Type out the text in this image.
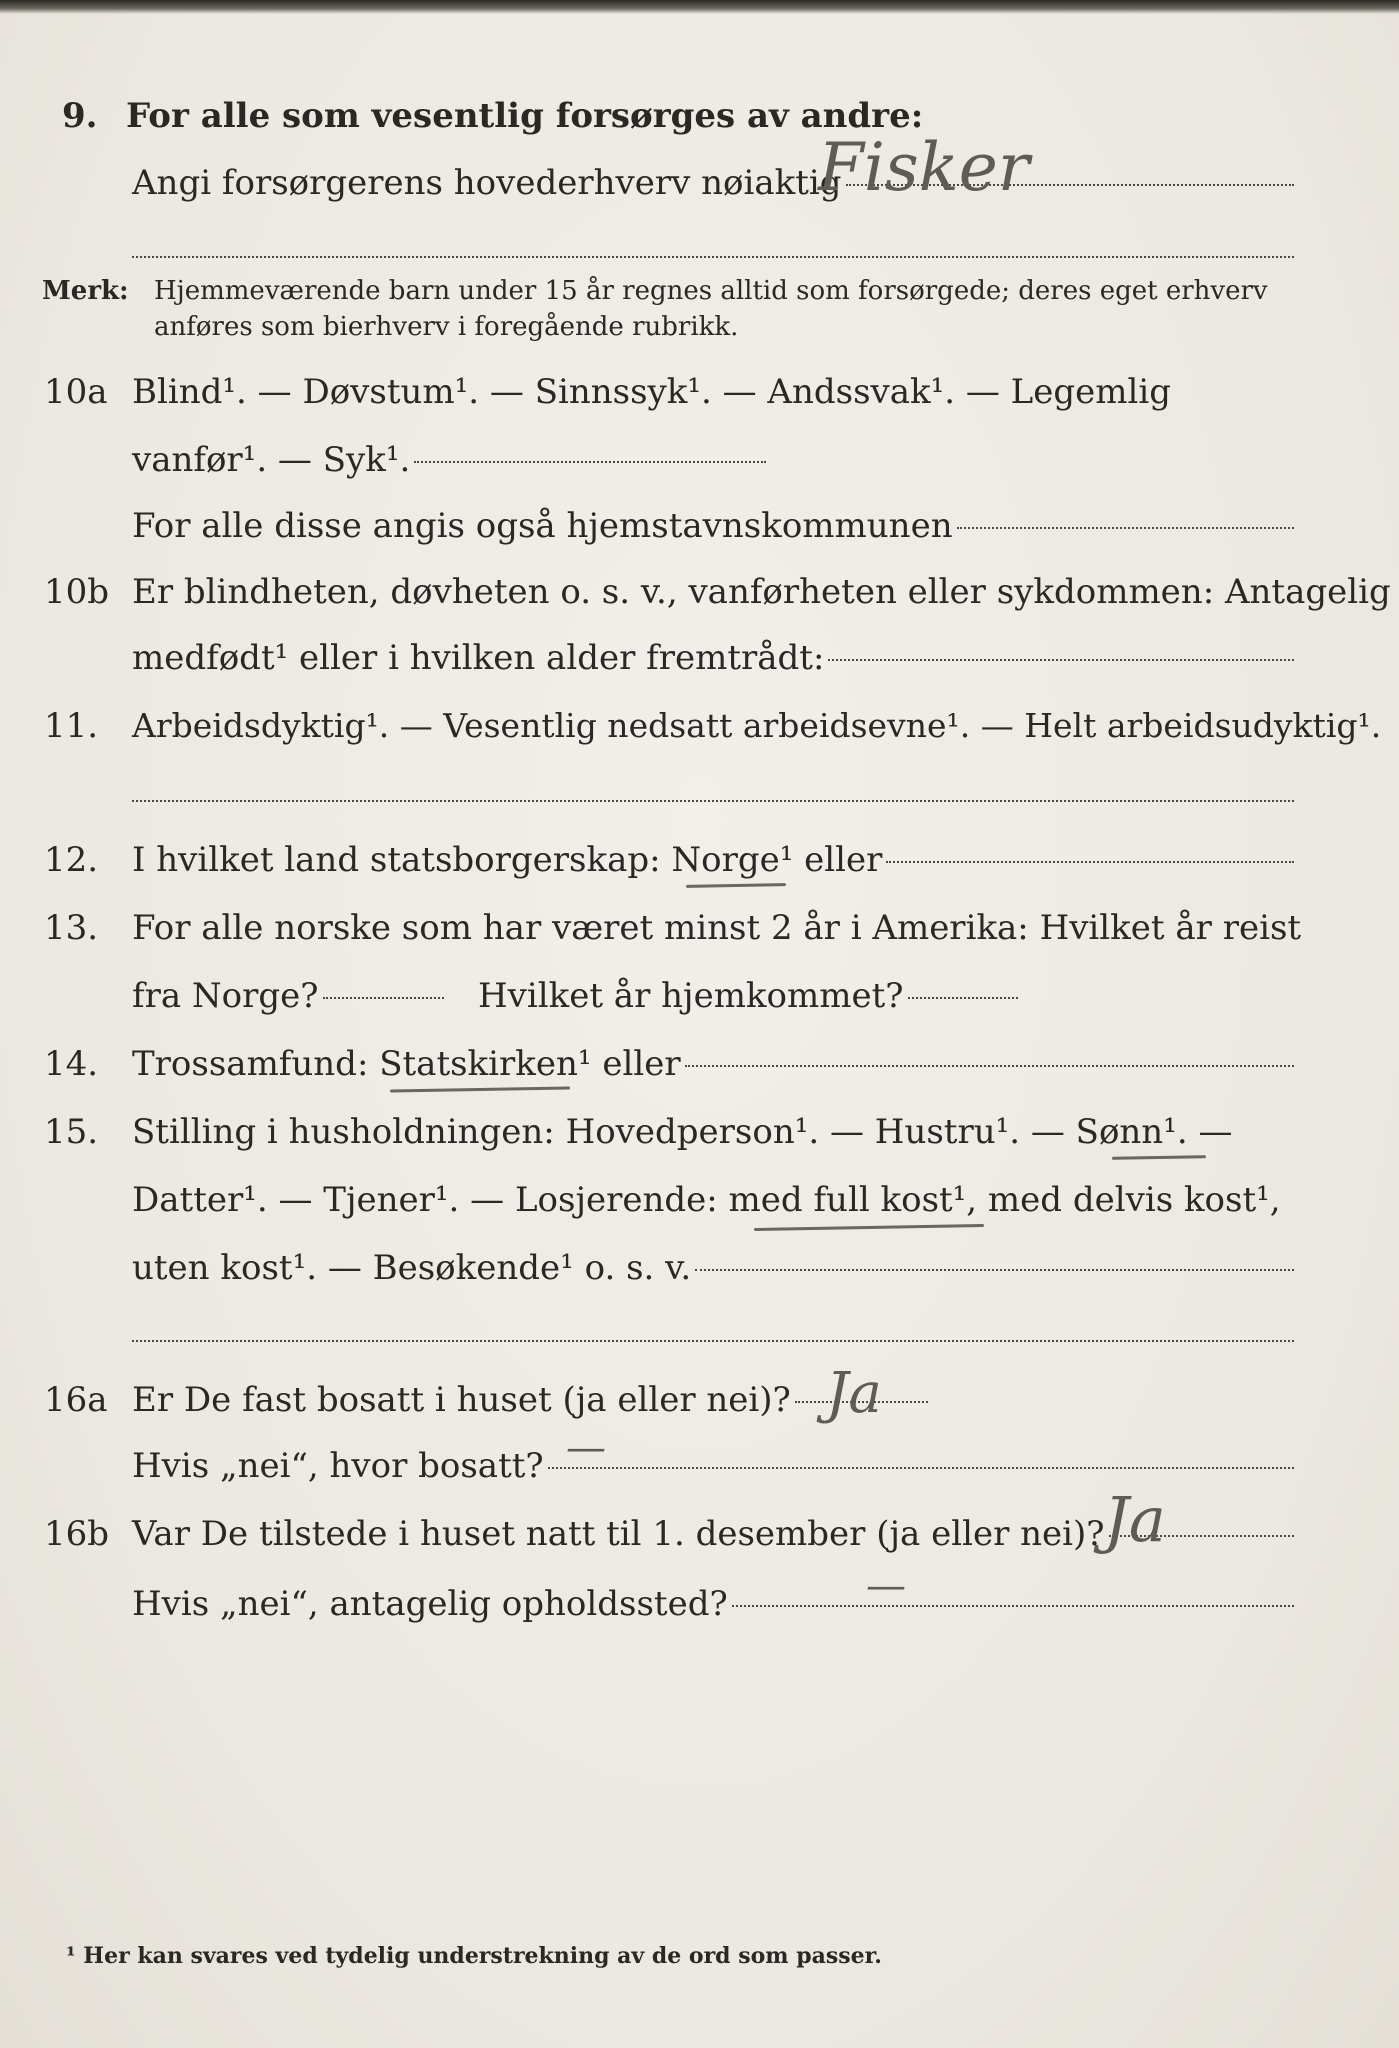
9. For alle som vesentlig forsørges av andre:
Angi forsørgerens hovederhverv nøiaktig
Fisker
Merk: Hjemmeværende barn under 15 år regnes alltid som forsørgede; deres eget erhverv
anføres som bierhverv i foregående rubrikk.
10a Blind¹. — Døvstum¹. — Sinnssyk¹. — Andssvak¹. — Legemlig
vanfør¹. — Syk¹.
For alle disse angis også hjemstavnskommunen
10b Er blindheten, døvheten o. s. v., vanførheten eller sykdommen: Antagelig
medfødt¹ eller i hvilken alder fremtrådt:
11. Arbeidsdyktig¹. — Vesentlig nedsatt arbeidsevne¹. — Helt arbeidsudyktig¹.
12. I hvilket land statsborgerskap: Norge¹ eller
13. For alle norske som har været minst 2 år i Amerika: Hvilket år reist
fra Norge?	Hvilket år hjemkommet?
14. Trossamfund: Statskirken¹ eller
15. Stilling i husholdningen: Hovedperson¹. — Hustru¹. — Sønn¹. —
Datter¹. — Tjener¹. — Losjerende: med full kost¹, med delvis kost¹,
uten kost¹. — Besøkende¹ o. s. v.
16a Er De fast bosatt i huset (ja eller nei)? Ja
Hvis „nei“, hvor bosatt? —
16b Var De tilstede i huset natt til 1. desember (ja eller nei)? Ja
Hvis „nei“, antagelig opholdssted?	—
¹ Her kan svares ved tydelig understrekning av de ord som passer.
